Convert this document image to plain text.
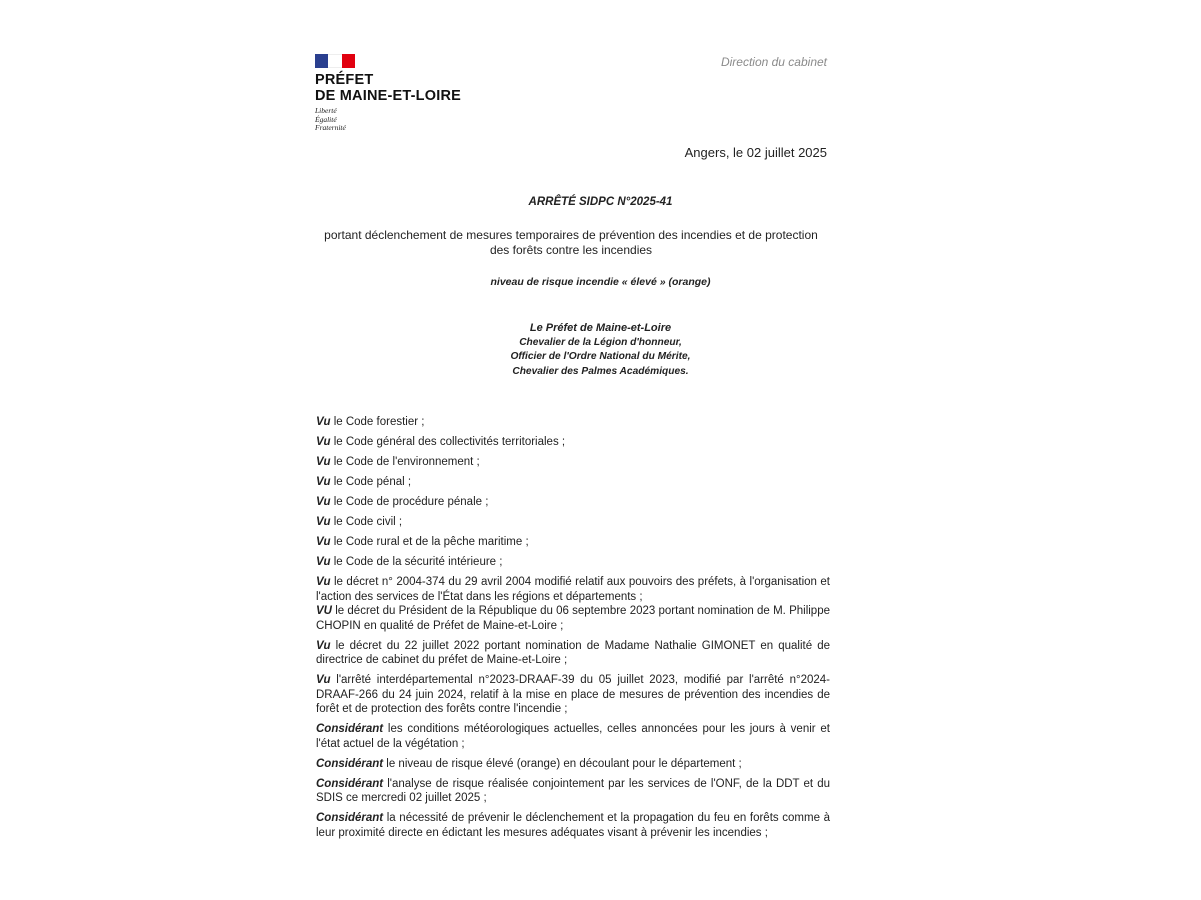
PRÉFET
DE MAINE-ET-LOIRE
Liberté
Égalité
Fraternité
Direction du cabinet
Angers, le 02 juillet 2025
ARRÊTÉ SIDPC N°2025-41
portant déclenchement de mesures temporaires de prévention des incendies et de protection des forêts contre les incendies
niveau de risque incendie « élevé » (orange)
Le Préfet de Maine-et-Loire
Chevalier de la Légion d'honneur,
Officier de l'Ordre National du Mérite,
Chevalier des Palmes Académiques.

Vu le Code forestier ;

Vu le Code général des collectivités territoriales ;

Vu le Code de l'environnement ;

Vu le Code pénal ;

Vu le Code de procédure pénale ;

Vu le Code civil ;

Vu le Code rural et de la pêche maritime ;

Vu le Code de la sécurité intérieure ;

Vu le décret n° 2004-374 du 29 avril 2004 modifié relatif aux pouvoirs des préfets, à l'organisation et l'action des services de l'État dans les régions et départements ;

VU le décret du Président de la République du 06 septembre 2023 portant nomination de M. Philippe CHOPIN en qualité de Préfet de Maine-et-Loire ;

Vu le décret du 22 juillet 2022 portant nomination de Madame Nathalie GIMONET en qualité de directrice de cabinet du préfet de Maine-et-Loire ;

Vu l'arrêté interdépartemental n°2023-DRAAF-39 du 05 juillet 2023, modifié par l'arrêté n°2024-DRAAF-266 du 24 juin 2024, relatif à la mise en place de mesures de prévention des incendies de forêt et de protection des forêts contre l'incendie ;

Considérant les conditions météorologiques actuelles, celles annoncées pour les jours à venir et l'état actuel de la végétation ;

Considérant le niveau de risque élevé (orange) en découlant pour le département ;

Considérant l'analyse de risque réalisée conjointement par les services de l'ONF, de la DDT et du SDIS ce mercredi 02 juillet 2025 ;

Considérant la nécessité de prévenir le déclenchement et la propagation du feu en forêts comme à leur proximité directe en édictant les mesures adéquates visant à prévenir les incendies ;
